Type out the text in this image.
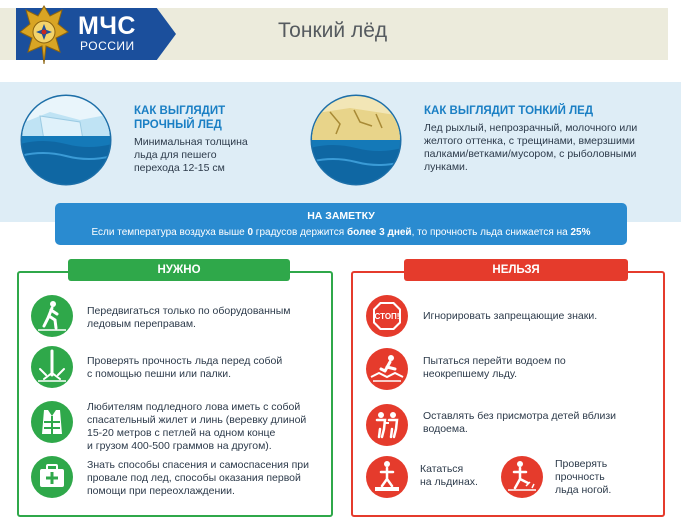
МЧС
РОССИИ
Тонкий лёд
КАК ВЫГЛЯДИТ
ПРОЧНЫЙ ЛЕД
Минимальная толщина
льда для пешего
перехода 12-15 см
КАК ВЫГЛЯДИТ ТОНКИЙ ЛЕД
Лед рыхлый, непрозрачный, молочного или
желтого оттенка, с трещинами, вмерзшими
палками/ветками/мусором, с рыболовными
лунками.
НА ЗАМЕТКУ
Если температура воздуха выше 0 градусов держится более 3 дней, то прочность льда снижается на 25%
НУЖНО
Передвигаться только по оборудованным
ледовым переправам.
Проверять прочность льда перед собой
с помощью пешни или палки.
Любителям подледного лова иметь с собой
спасательный жилет и линь (веревку длиной
15-20 метров с петлей на одном конце
и грузом 400-500 граммов на другом).
Знать способы спасения и самоспасения при
провале под лед, способы оказания первой
помощи при переохлаждении.
НЕЛЬЗЯ
СТОП! Игнорировать запрещающие знаки.
Пытаться перейти водоем по
неокрепшему льду.
Оставлять без присмотра детей вблизи
водоема.
Кататься
на льдинах.
Проверять
прочность
льда ногой.
